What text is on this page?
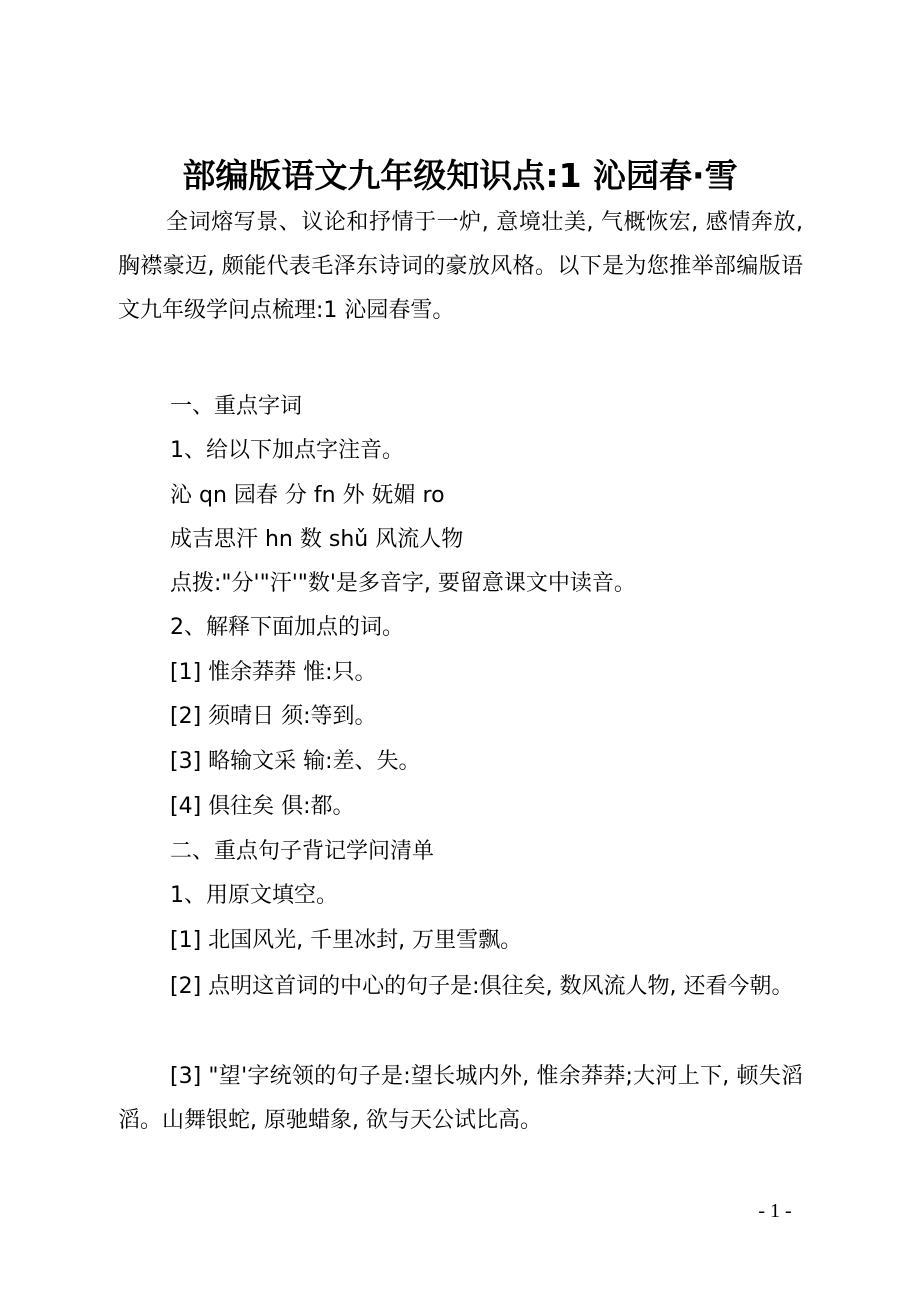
部编版语文九年级知识点:1 沁园春·雪
全词熔写景、议论和抒情于一炉, 意境壮美, 气概恢宏, 感情奔放, 胸襟豪迈, 颇能代表毛泽东诗词的豪放风格。以下是为您推举部编版语文九年级学问点梳理:1 沁园春雪。
一、重点字词
1、给以下加点字注音。
沁 qn 园春 分 fn 外 妩媚 ro
成吉思汗 hn 数 shǔ 风流人物
点拨:"分'"汗'"数'是多音字, 要留意课文中读音。
2、解释下面加点的词。
[1] 惟余莽莽 惟:只。
[2] 须晴日 须:等到。
[3] 略输文采 输:差、失。
[4] 俱往矣 俱:都。
二、重点句子背记学问清单
1、用原文填空。
[1] 北国风光, 千里冰封, 万里雪飘。
[2] 点明这首词的中心的句子是:俱往矣, 数风流人物, 还看今朝。
[3] "望'字统领的句子是:望长城内外, 惟余莽莽;大河上下, 顿失滔滔。山舞银蛇, 原驰蜡象, 欲与天公试比高。
- 1 -
